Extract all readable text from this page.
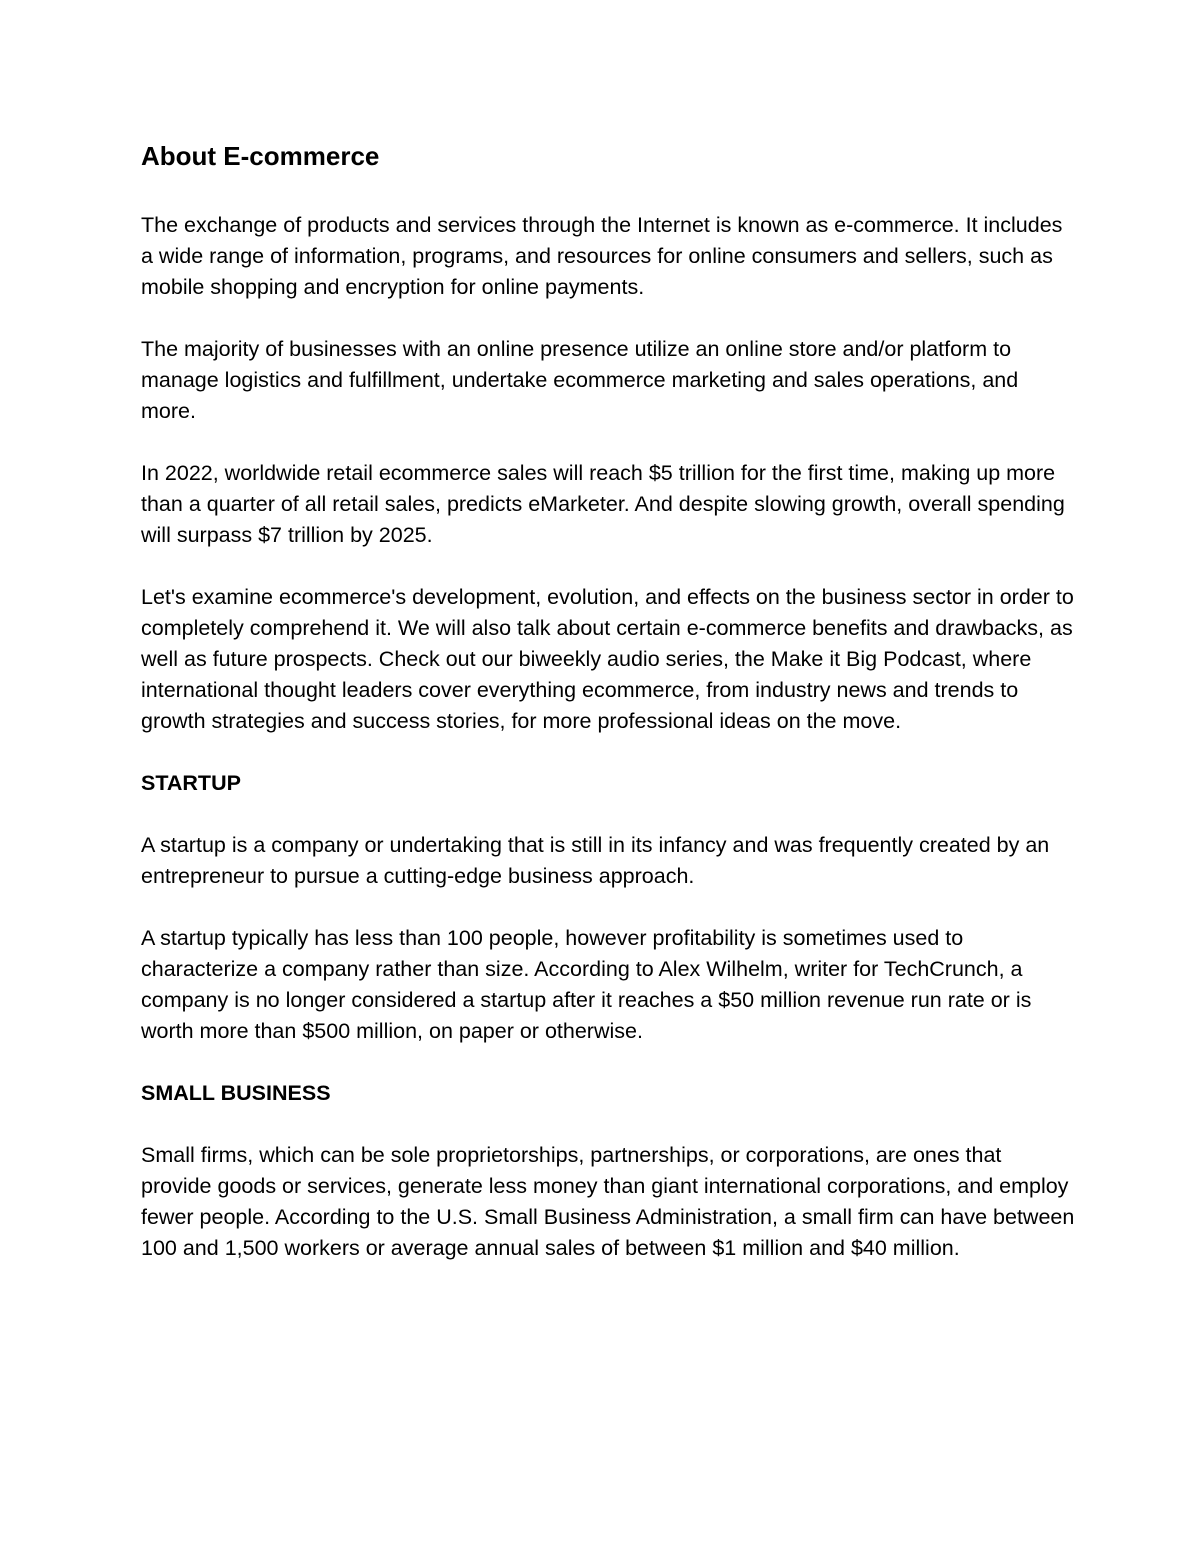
About E-commerce

The exchange of products and services through the Internet is known as e-commerce. It includes a wide range of information, programs, and resources for online consumers and sellers, such as mobile shopping and encryption for online payments.

The majority of businesses with an online presence utilize an online store and/or platform to manage logistics and fulfillment, undertake ecommerce marketing and sales operations, and more.

In 2022, worldwide retail ecommerce sales will reach $5 trillion for the first time, making up more than a quarter of all retail sales, predicts eMarketer. And despite slowing growth, overall spending will surpass $7 trillion by 2025.

Let's examine ecommerce's development, evolution, and effects on the business sector in order to completely comprehend it. We will also talk about certain e-commerce benefits and drawbacks, as well as future prospects. Check out our biweekly audio series, the Make it Big Podcast, where international thought leaders cover everything ecommerce, from industry news and trends to growth strategies and success stories, for more professional ideas on the move.

STARTUP

A startup is a company or undertaking that is still in its infancy and was frequently created by an entrepreneur to pursue a cutting-edge business approach.

A startup typically has less than 100 people, however profitability is sometimes used to characterize a company rather than size. According to Alex Wilhelm, writer for TechCrunch, a company is no longer considered a startup after it reaches a $50 million revenue run rate or is worth more than $500 million, on paper or otherwise.

SMALL BUSINESS

Small firms, which can be sole proprietorships, partnerships, or corporations, are ones that provide goods or services, generate less money than giant international corporations, and employ fewer people. According to the U.S. Small Business Administration, a small firm can have between 100 and 1,500 workers or average annual sales of between $1 million and $40 million.
